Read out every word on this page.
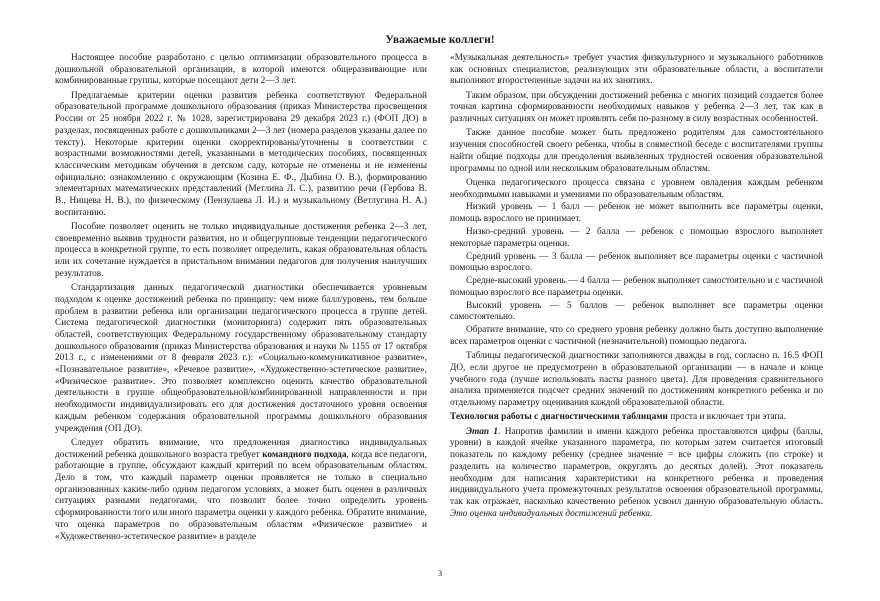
Уважаемые коллеги!

Настоящее пособие разработано с целью оптимизации образовательного процесса в дошкольной образовательной организации, в которой имеются общеразвивающие или комбинированные группы, которые посещают дети 2—3 лет.

Предлагаемые критерии оценки развития ребенка соответствуют Федеральной образовательной программе дошкольного образования (приказ Министерства просвещения России от 25 ноября 2022 г. № 1028, зарегистрирована 29 декабря 2023 г.) (ФОП ДО) в разделах, посвященных работе с дошкольниками 2—3 лет (номера разделов указаны далее по тексту). Некоторые критерии оценки скорректированы/уточнены в соответствии с возрастными возможностями детей, указанными в методических пособиях, посвященных классическим методикам обучения в детском саду, которые не отменены и не изменены официально: ознакомлению с окружающим (Козина Е. Ф., Дыбина О. В.), формированию элементарных математических представлений (Метлина Л. С.), развитию речи (Гербова В. В., Нищева Н. В.), по физическому (Пензулаева Л. И.) и музыкальному (Ветлугина Н. А.) воспитанию.

Пособие позволяет оценить не только индивидуальные достижения ребенка 2—3 лет, своевременно выявив трудности развития, но и общегрупповые тенденции педагогического процесса в конкретной группе, то есть позволяет определить, какая образовательная область или их сочетание нуждается в пристальном внимании педагогов для получения наилучших результатов.

Стандартизация данных педагогической диагностики обеспечивается уровневым подходом к оценке достижений ребенка по принципу: чем ниже балл/уровень, тем больше проблем в развитии ребенка или организации педагогического процесса в группе детей. Система педагогической диагностики (мониторинга) содержит пять образовательных областей, соответствующих Федеральному государственному образовательному стандарту дошкольного образования (приказ Министерства образования и науки № 1155 от 17 октября 2013 г., с изменениями от 8 февраля 2023 г.): «Социально-коммуникативное развитие», «Познавательное развитие», «Речевое развитие», «Художественно-эстетическое развитие», «Физическое развитие». Это позволяет комплексно оценить качество образовательной деятельности в группе общеобразовательной/комбинированной направленности и при необходимости индивидуализировать его для достижения достаточного уровня освоения каждым ребенком содержания образовательной программы дошкольного образования учреждения (ОП ДО).

Следует обратить внимание, что предложенная диагностика индивидуальных достижений ребенка дошкольного возраста требует командного подхода, когда все педагоги, работающие в группе, обсуждают каждый критерий по всем образовательным областям. Дело в том, что каждый параметр оценки проявляется не только в специально организованных каким-либо одним педагогом условиях, а может быть оценен в различных ситуациях разными педагогами, что позволит более точно определить уровень сформированности того или иного параметра оценки у каждого ребенка. Обратите внимание, что оценка параметров по образовательным областям «Физическое развитие» и «Художественно-эстетическое развитие» в разделе

«Музыкальная деятельность» требует участия физкультурного и музыкального работников как основных специалистов, реализующих эти образовательные области, а воспитатели выполняют второстепенные задачи на их занятиях.

Таким образом, при обсуждении достижений ребенка с многих позиций создается более точная картина сформированности необходимых навыков у ребенка 2—3 лет, так как в различных ситуациях он может проявлять себя по-разному в силу возрастных особенностей.

Также данное пособие может быть предложено родителям для самостоятельного изучения способностей своего ребенка, чтобы в совместной беседе с воспитателями группы найти общие подходы для преодоления выявленных трудностей освоения образовательной программы по одной или нескольким образовательным областям.

Оценка педагогического процесса связана с уровнем овладения каждым ребенком необходимыми навыками и умениями по образовательным областям.

Низкий уровень — 1 балл — ребенок не может выполнить все параметры оценки, помощь взрослого не принимает.

Низко-средний уровень — 2 балла — ребенок с помощью взрослого выполняет некоторые параметры оценки.

Средний уровень — 3 балла — ребенок выполняет все параметры оценки с частичной помощью взрослого.

Средне-высокий уровень — 4 балла — ребенок выполняет самостоятельно и с частичной помощью взрослого все параметры оценки.

Высокий уровень — 5 баллов — ребенок выполняет все параметры оценки самостоятельно.

Обратите внимание, что со среднего уровня ребенку должно быть доступно выполнение всех параметров оценки с частичной (незначительной) помощью педагога.

Таблицы педагогической диагностики заполняются дважды в год, согласно п. 16.5 ФОП ДО, если другое не предусмотрено в образовательной организации — в начале и конце учебного года (лучше использовать пасты разного цвета). Для проведения сравнительного анализа применяется подсчет средних значений по достижениям конкретного ребенка и по отдельному параметру оценивания каждой образовательной области.

Технология работы с диагностическими таблицами проста и включает три этапа.

Этап 1. Напротив фамилии и имени каждого ребенка проставляются цифры (баллы, уровни) в каждой ячейке указанного параметра, по которым затем считается итоговый показатель по каждому ребенку (среднее значение = все цифры сложить (по строке) и разделить на количество параметров, округлять до десятых долей). Этот показатель необходим для написания характеристики на конкретного ребенка и проведения индивидуального учета промежуточных результатов освоения образовательной программы, так как отражает, насколько качественно ребенок усвоил данную образовательную область. Это оценка индивидуальных достижений ребенка.

3
